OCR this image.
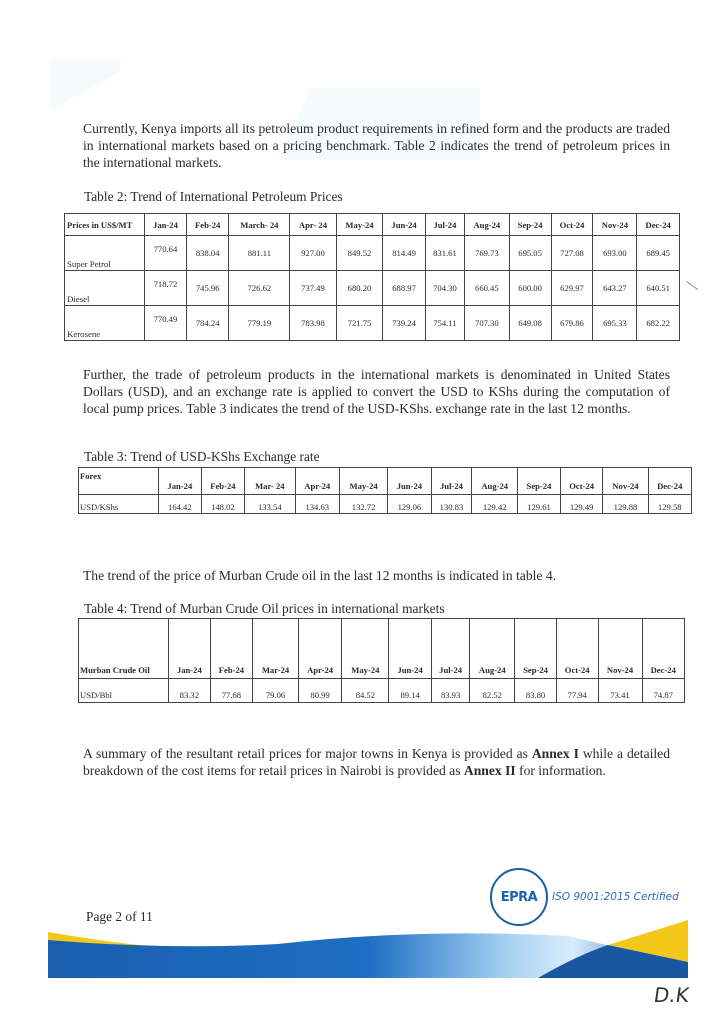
Currently, Kenya imports all its petroleum product requirements in refined form and the products are traded in international markets based on a pricing benchmark. Table 2 indicates the trend of petroleum prices in the international markets.

Table 2: Trend of International Petroleum Prices
Prices in US$/MT	Jan-24	Feb-24	March- 24	Apr- 24	May-24	Jun-24	Jul-24	Aug-24	Sep-24	Oct-24	Nov-24	Dec-24
Super Petrol	770.64	838.04	881.11	927.00	849.52	814.49	831.61	769.73	695.05	727.08	693.00	689.45
Diesel	718.72	745.96	726.62	737.49	680.20	688.97	704.30	660.45	600.00	629.97	643.27	640.51
Kerosene	770.49	784.24	779.19	783.98	721.75	739.24	754.11	707.30	649.08	679.86	695.33	682.22

Further, the trade of petroleum products in the international markets is denominated in United States Dollars (USD), and an exchange rate is applied to convert the USD to KShs during the computation of local pump prices. Table 3 indicates the trend of the USD-KShs. exchange rate in the last 12 months.

Table 3: Trend of USD-KShs Exchange rate
Forex	Jan-24	Feb-24	Mar- 24	Apr-24	May-24	Jun-24	Jul-24	Aug-24	Sep-24	Oct-24	Nov-24	Dec-24
USD/KShs	164.42	148.02	133.54	134.63	132.72	129.06	130.83	129.42	129.61	129.49	129.88	129.58

The trend of the price of Murban Crude oil in the last 12 months is indicated in table 4.

Table 4: Trend of Murban Crude Oil prices in international markets
Murban Crude Oil	Jan-24	Feb-24	Mar-24	Apr-24	May-24	Jun-24	Jul-24	Aug-24	Sep-24	Oct-24	Nov-24	Dec-24
USD/Bbl	83.32	77.68	79.06	80.99	84.52	89.14	83.93	82.52	83.80	77.94	73.41	74.87

A summary of the resultant retail prices for major towns in Kenya is provided as Annex I while a detailed breakdown of the cost items for retail prices in Nairobi is provided as Annex II for information.

Page 2 of 11
EPRA ISO 9001:2015 Certified
D.K
